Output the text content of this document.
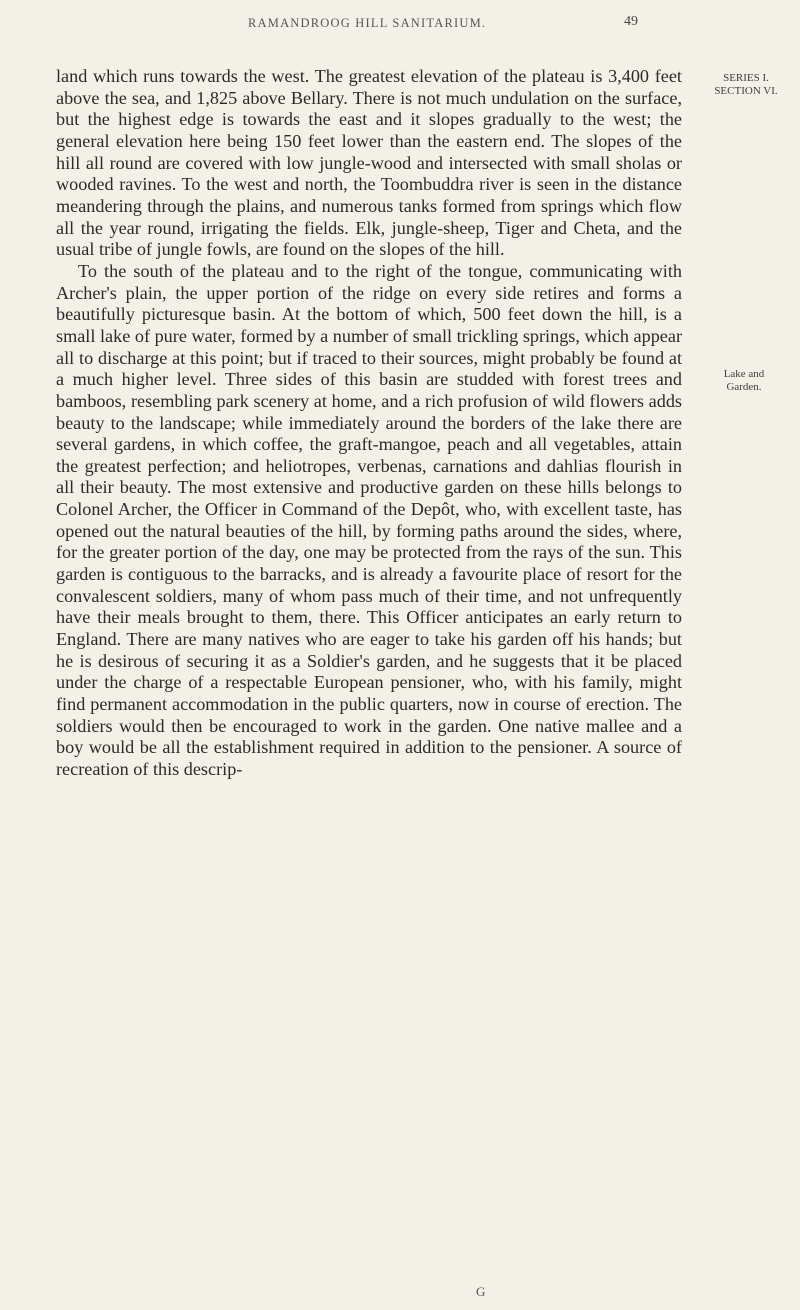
RAMANDROOG HILL SANITARIUM.	49

land which runs towards the west. The greatest elevation of the plateau is 3,400 feet above the sea, and 1,825 above Bellary. There is not much undulation on the surface, but the highest edge is towards the east and it slopes gradually to the west; the general elevation here being 150 feet lower than the eastern end. The slopes of the hill all round are covered with low jungle-wood and intersected with small sholas or wooded ravines. To the west and north, the Toombuddra river is seen in the distance meandering through the plains, and numerous tanks formed from springs which flow all the year round, irrigating the fields. Elk, jungle-sheep, Tiger and Cheta, and the usual tribe of jungle fowls, are found on the slopes of the hill.

To the south of the plateau and to the right of the tongue, communicating with Archer's plain, the upper portion of the ridge on every side retires and forms a beautifully picturesque basin. At the bottom of which, 500 feet down the hill, is a small lake of pure water, formed by a number of small trickling springs, which appear all to discharge at this point; but if traced to their sources, might probably be found at a much higher level. Three sides of this basin are studded with forest trees and bamboos, resembling park scenery at home, and a rich profusion of wild flowers adds beauty to the landscape; while immediately around the borders of the lake there are several gardens, in which coffee, the graft-mangoe, peach and all vegetables, attain the greatest perfection; and heliotropes, verbenas, carnations and dahlias flourish in all their beauty. The most extensive and productive garden on these hills belongs to Colonel Archer, the Officer in Command of the Depôt, who, with excellent taste, has opened out the natural beauties of the hill, by forming paths around the sides, where, for the greater portion of the day, one may be protected from the rays of the sun. This garden is contiguous to the barracks, and is already a favourite place of resort for the convalescent soldiers, many of whom pass much of their time, and not unfrequently have their meals brought to them, there. This Officer anticipates an early return to England. There are many natives who are eager to take his garden off his hands; but he is desirous of securing it as a Soldier's garden, and he suggests that it be placed under the charge of a respectable European pensioner, who, with his family, might find permanent accommodation in the public quarters, now in course of erection. The soldiers would then be encouraged to work in the garden. One native mallee and a boy would be all the establishment required in addition to the pensioner. A source of recreation of this descrip-

SERIES I.
SECTION VI.
Lake and
Garden.
G
